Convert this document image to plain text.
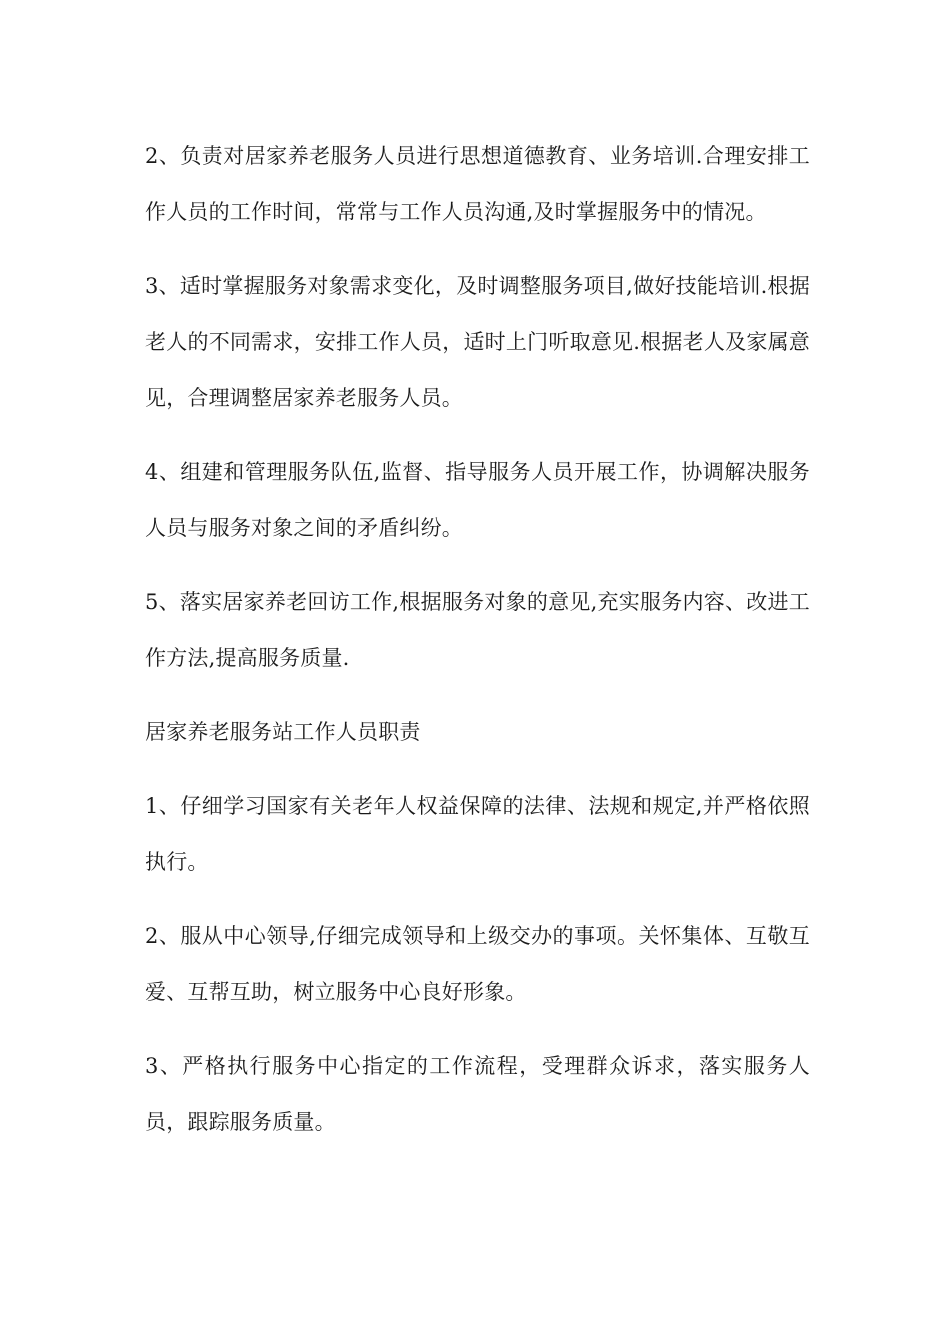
2、负责对居家养老服务人员进行思想道德教育、业务培训.合理安排工作人员的工作时间，常常与工作人员沟通,及时掌握服务中的情况。

3、适时掌握服务对象需求变化，及时调整服务项目,做好技能培训.根据老人的不同需求，安排工作人员，适时上门听取意见.根据老人及家属意见，合理调整居家养老服务人员。

4、组建和管理服务队伍,监督、指导服务人员开展工作，协调解决服务人员与服务对象之间的矛盾纠纷。

5、落实居家养老回访工作,根据服务对象的意见,充实服务内容、改进工作方法,提高服务质量.

居家养老服务站工作人员职责

1、仔细学习国家有关老年人权益保障的法律、法规和规定,并严格依照执行。

2、服从中心领导,仔细完成领导和上级交办的事项。关怀集体、互敬互爱、互帮互助，树立服务中心良好形象。

3、严格执行服务中心指定的工作流程，受理群众诉求，落实服务人员，跟踪服务质量。
